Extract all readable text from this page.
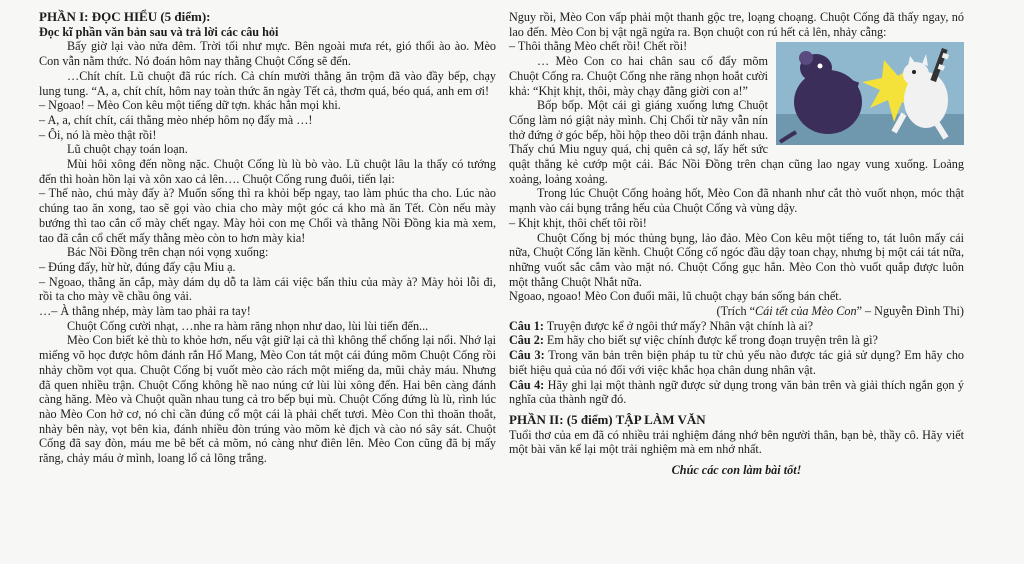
PHẦN I: ĐỌC HIỂU (5 điểm):

Đọc kĩ phần văn bản sau và trả lời các câu hỏi

Bấy giờ lại vào nửa đêm. Trời tối như mực. Bên ngoài mưa rét, gió thổi ào ào. Mèo Con vẫn nằm thức. Nó đoán hôm nay thằng Chuột Cống sẽ đến.

…Chít chít. Lũ chuột đã rúc rích. Cả chín mười thằng ăn trộm đã vào đầy bếp, chạy lung tung. “A, a, chít chít, hôm nay toàn thức ăn ngày Tết cả, thơm quá, béo quá, anh em ơi!

– Ngoao! – Mèo Con kêu một tiếng dữ tợn. khác hẳn mọi khi.

– A, a, chít chít, cái thằng mèo nhép hôm nọ đấy mà …!

– Ôi, nó là mèo thật rồi!

Lũ chuột chạy toán loạn.

Mùi hôi xông đến nồng nặc. Chuột Cống lù lù bò vào. Lũ chuột lâu la thấy có tướng đến thì hoàn hồn lại và xôn xao cả lên…. Chuột Cống rung đuôi, tiến lại:

– Thế nào, chú mày đấy à? Muốn sống thì ra khỏi bếp ngay, tao làm phúc tha cho. Lúc nào chúng tao ăn xong, tao sẽ gọi vào chia cho mày một góc cá kho mà ăn Tết. Còn nếu mày bướng thì tao cắn cổ mày chết ngay. Mày hỏi con mẹ Chổi và thằng Nồi Đồng kia mà xem, tao đã cắn cổ chết mấy thằng mèo còn to hơn mày kia!

Bác Nồi Đồng trên chạn nói vọng xuống:

– Đúng đấy, hừ hừ, đúng đấy cậu Miu ạ.

– Ngoao, thằng ăn cắp, mày dám dụ dỗ ta làm cái việc bẩn thỉu của mày à? Mày hỏi lỗi đi, rồi ta cho mày về chầu ông vải.

…– À thằng nhép, mày làm tao phải ra tay!

Chuột Cống cười nhạt, …nhe ra hàm răng nhọn như dao, lùi lùi tiến đến...

Mèo Con biết kẻ thù to khỏe hơn, nếu vật giữ lại cả thì không thể chống lại nổi. Nhớ lại miếng võ học được hôm đánh rắn Hổ Mang, Mèo Con tát một cái đúng mõm Chuột Cống rồi nhảy chồm vọt qua. Chuột Cống bị vuốt mèo cào rách một miếng da, mũi chảy máu. Nhưng đã quen nhiều trận. Chuột Cống không hề nao núng cứ lùi lùi xông đến. Hai bên càng đánh càng hăng. Mèo và Chuột quần nhau tung cả tro bếp bụi mù. Chuột Cống đứng lù lù, rình lúc nào Mèo Con hở cơ, nó chỉ cần đúng cổ một cái là phải chết tươi. Mèo Con thì thoăn thoắt, nhảy bên này, vọt bên kia, đánh nhiều đòn trúng vào mõm kẻ địch và cào nó sây sát. Chuột Cống đã say đòn, máu me bê bết cả mõm, nó càng như điên lên. Mèo Con cũng đã bị mấy răng, chảy máu ở mình, loang lổ cả lông trắng.

Nguy rồi, Mèo Con vấp phải một thanh gộc tre, loạng choạng. Chuột Cống đã thấy ngay, nó lao đến. Mèo Con bị vật ngã ngửa ra. Bọn chuột con rú hết cả lên, nhảy cẫng:

– Thôi thằng Mèo chết rồi! Chết rồi!

… Mèo Con co hai chân sau cố đẩy mõm Chuột Cống ra. Chuột Cống nhe răng nhọn hoắt cười khả: “Khịt khịt, thôi, mày chạy đằng giời con a!”

Bốp bốp. Một cái gì giáng xuống lưng Chuột Cống làm nó giật nảy mình. Chị Chổi từ nãy vẫn nín thở đứng ở góc bếp, hồi hộp theo dõi trận đánh nhau. Thấy chú Miu nguy quá, chị quên cả sợ, lấy hết sức quật thẳng kẻ cướp một cái. Bác Nồi Đồng trên chạn cũng lao ngay vung xuống. Loảng xoảng, loảng xoảng.

Trong lúc Chuột Cống hoảng hốt, Mèo Con đã nhanh như cắt thò vuốt nhọn, móc thật mạnh vào cái bụng trắng hếu của Chuột Cống và vùng dậy.

– Khịt khịt, thôi chết tôi rồi!

Chuột Cống bị móc thủng bụng, lảo đảo. Mèo Con kêu một tiếng to, tát luôn mấy cái nữa, Chuột Cống lăn kềnh. Chuột Cống cố ngóc đầu dậy toan chạy, nhưng bị một cái tát nữa, những vuốt sắc cắm vào mặt nó. Chuột Cống gục hẳn. Mèo Con thò vuốt quắp được luôn một thằng Chuột Nhắt nữa.

Ngoao, ngoao! Mèo Con đuổi mãi, lũ chuột chạy bán sống bán chết.

(Trích “Cái tết của Mèo Con” – Nguyễn Đình Thi)

Câu 1: Truyện được kể ở ngôi thứ mấy? Nhân vật chính là ai?

Câu 2: Em hãy cho biết sự việc chính được kể trong đoạn truyện trên là gì?

Câu 3: Trong văn bản trên biện pháp tu từ chủ yếu nào được tác giả sử dụng? Em hãy cho biết hiệu quả của nó đối với việc khắc họa chân dung nhân vật.

Câu 4: Hãy ghi lại một thành ngữ được sử dụng trong văn bản trên và giải thích ngắn gọn ý nghĩa của thành ngữ đó.

PHẦN II: (5 điểm) TẬP LÀM VĂN

Tuổi thơ của em đã có nhiều trải nghiệm đáng nhớ bên người thân, bạn bè, thầy cô. Hãy viết một bài văn kể lại một trải nghiệm mà em nhớ nhất.

Chúc các con làm bài tốt!
